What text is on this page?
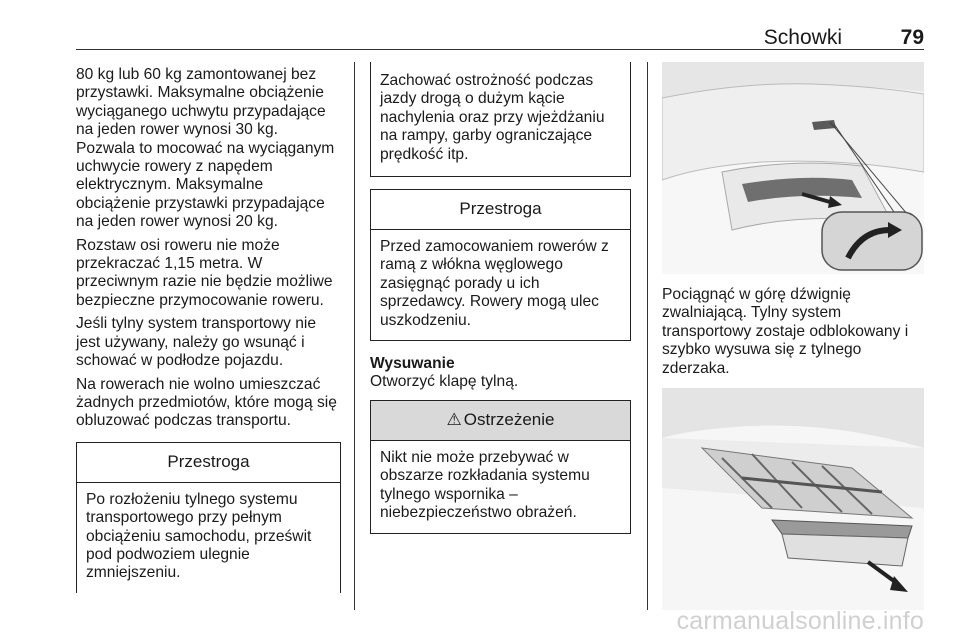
Schowki	79

80 kg lub 60 kg zamontowanej bez przystawki. Maksymalne obciążenie wyciąganego uchwytu przypadające na jeden rower wynosi 30 kg. Pozwala to mocować na wyciąganym uchwycie rowery z napędem elektrycznym. Maksymalne obciążenie przystawki przypadające na jeden rower wynosi 20 kg.

Rozstaw osi roweru nie może przekraczać 1,15 metra. W przeciwnym razie nie będzie możliwe bezpieczne przymocowanie roweru.

Jeśli tylny system transportowy nie jest używany, należy go wsunąć i schować w podłodze pojazdu.

Na rowerach nie wolno umieszczać żadnych przedmiotów, które mogą się obluzować podczas transportu.

Przestroga
Po rozłożeniu tylnego systemu transportowego przy pełnym obciążeniu samochodu, prześwit pod podwoziem ulegnie zmniejszeniu.
Zachować ostrożność podczas jazdy drogą o dużym kącie nachylenia oraz przy wjeżdżaniu na rampy, garby ograniczające prędkość itp.
Przestroga
Przed zamocowaniem rowerów z ramą z włókna węglowego zasięgnąć porady u ich sprzedawcy. Rowery mogą ulec uszkodzeniu.

Wysuwanie

Otworzyć klapę tylną.

⚠ Ostrzeżenie
Nikt nie może przebywać w obszarze rozkładania systemu tylnego wspornika – niebezpieczeństwo obrażeń.

Pociągnąć w górę dźwignię zwalniającą. Tylny system transportowy zostaje odblokowany i szybko wysuwa się z tylnego zderzaka.

carmanualsonline.info
